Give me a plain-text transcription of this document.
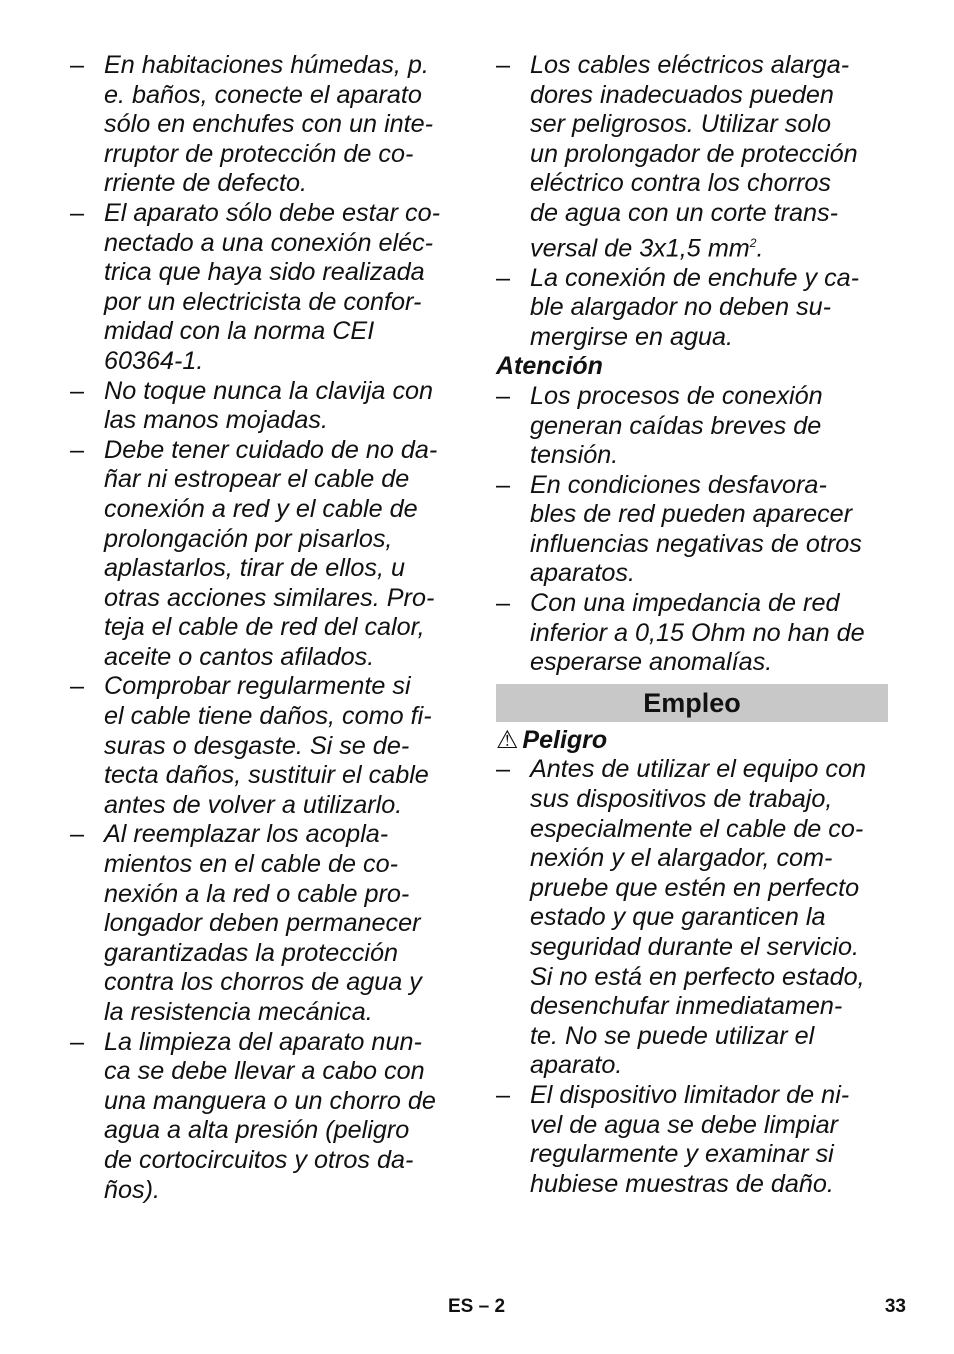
– En habitaciones húmedas, p.
e. baños, conecte el aparato
sólo en enchufes con un inte-
rruptor de protección de co-
rriente de defecto.
– El aparato sólo debe estar co-
nectado a una conexión eléc-
trica que haya sido realizada
por un electricista de confor-
midad con la norma CEI
60364-1.
– No toque nunca la clavija con
las manos mojadas.
– Debe tener cuidado de no da-
ñar ni estropear el cable de
conexión a red y el cable de
prolongación por pisarlos,
aplastarlos, tirar de ellos, u
otras acciones similares. Pro-
teja el cable de red del calor,
aceite o cantos afilados.
– Comprobar regularmente si
el cable tiene daños, como fi-
suras o desgaste. Si se de-
tecta daños, sustituir el cable
antes de volver a utilizarlo.
– Al reemplazar los acopla-
mientos en el cable de co-
nexión a la red o cable pro-
longador deben permanecer
garantizadas la protección
contra los chorros de agua y
la resistencia mecánica.
– La limpieza del aparato nun-
ca se debe llevar a cabo con
una manguera o un chorro de
agua a alta presión (peligro
de cortocircuitos y otros da-
ños).
– Los cables eléctricos alarga-
dores inadecuados pueden
ser peligrosos. Utilizar solo
un prolongador de protección
eléctrico contra los chorros
de agua con un corte trans-
versal de 3x1,5 $mm^2$.
– La conexión de enchufe y ca-
ble alargador no deben su-
mergirse en agua.
Atención
– Los procesos de conexión
generan caídas breves de
tensión.
– En condiciones desfavora-
bles de red pueden aparecer
influencias negativas de otros
aparatos.
– Con una impedancia de red
inferior a 0,15 Ohm no han de
esperarse anomalías.
Empleo
⚠ Peligro
– Antes de utilizar el equipo con
sus dispositivos de trabajo,
especialmente el cable de co-
nexión y el alargador, com-
pruebe que estén en perfecto
estado y que garanticen la
seguridad durante el servicio.
Si no está en perfecto estado,
desenchufar inmediatamen-
te. No se puede utilizar el
aparato.
– El dispositivo limitador de ni-
vel de agua se debe limpiar
regularmente y examinar si
hubiese muestras de daño.
ES – 2	33
